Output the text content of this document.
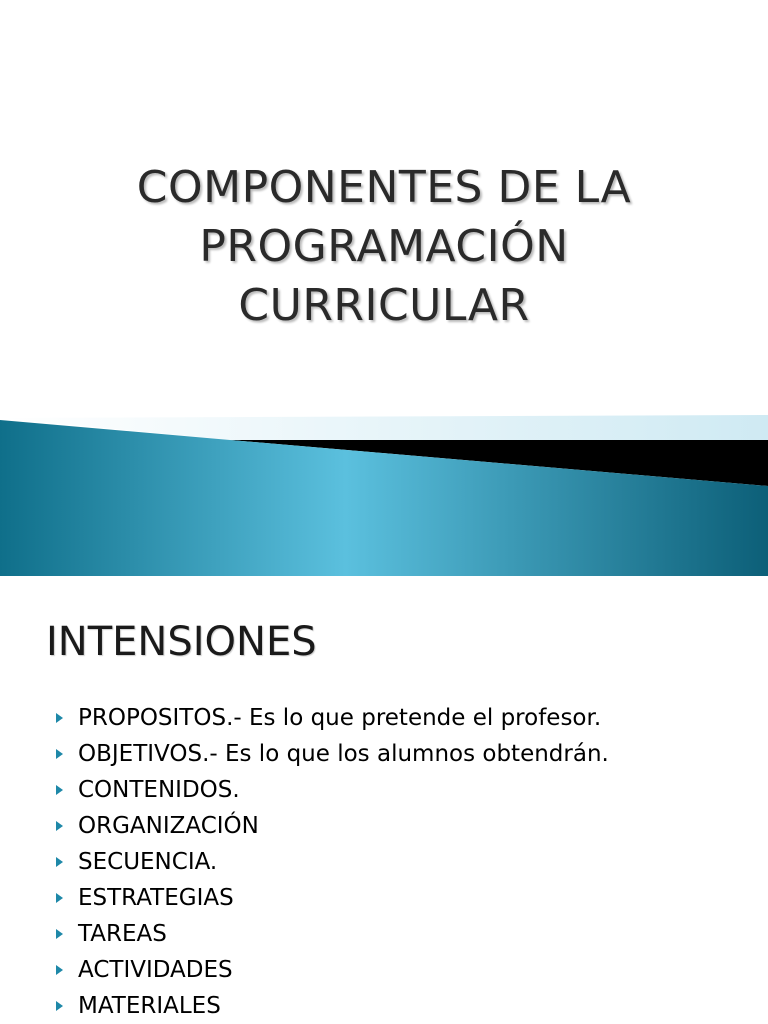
COMPONENTES DE LA
PROGRAMACIÓN
CURRICULAR
INTENSIONES
PROPOSITOS.- Es lo que pretende el profesor.
OBJETIVOS.- Es lo que los alumnos obtendrán.
CONTENIDOS.
ORGANIZACIÓN
SECUENCIA.
ESTRATEGIAS
TAREAS
ACTIVIDADES
MATERIALES
